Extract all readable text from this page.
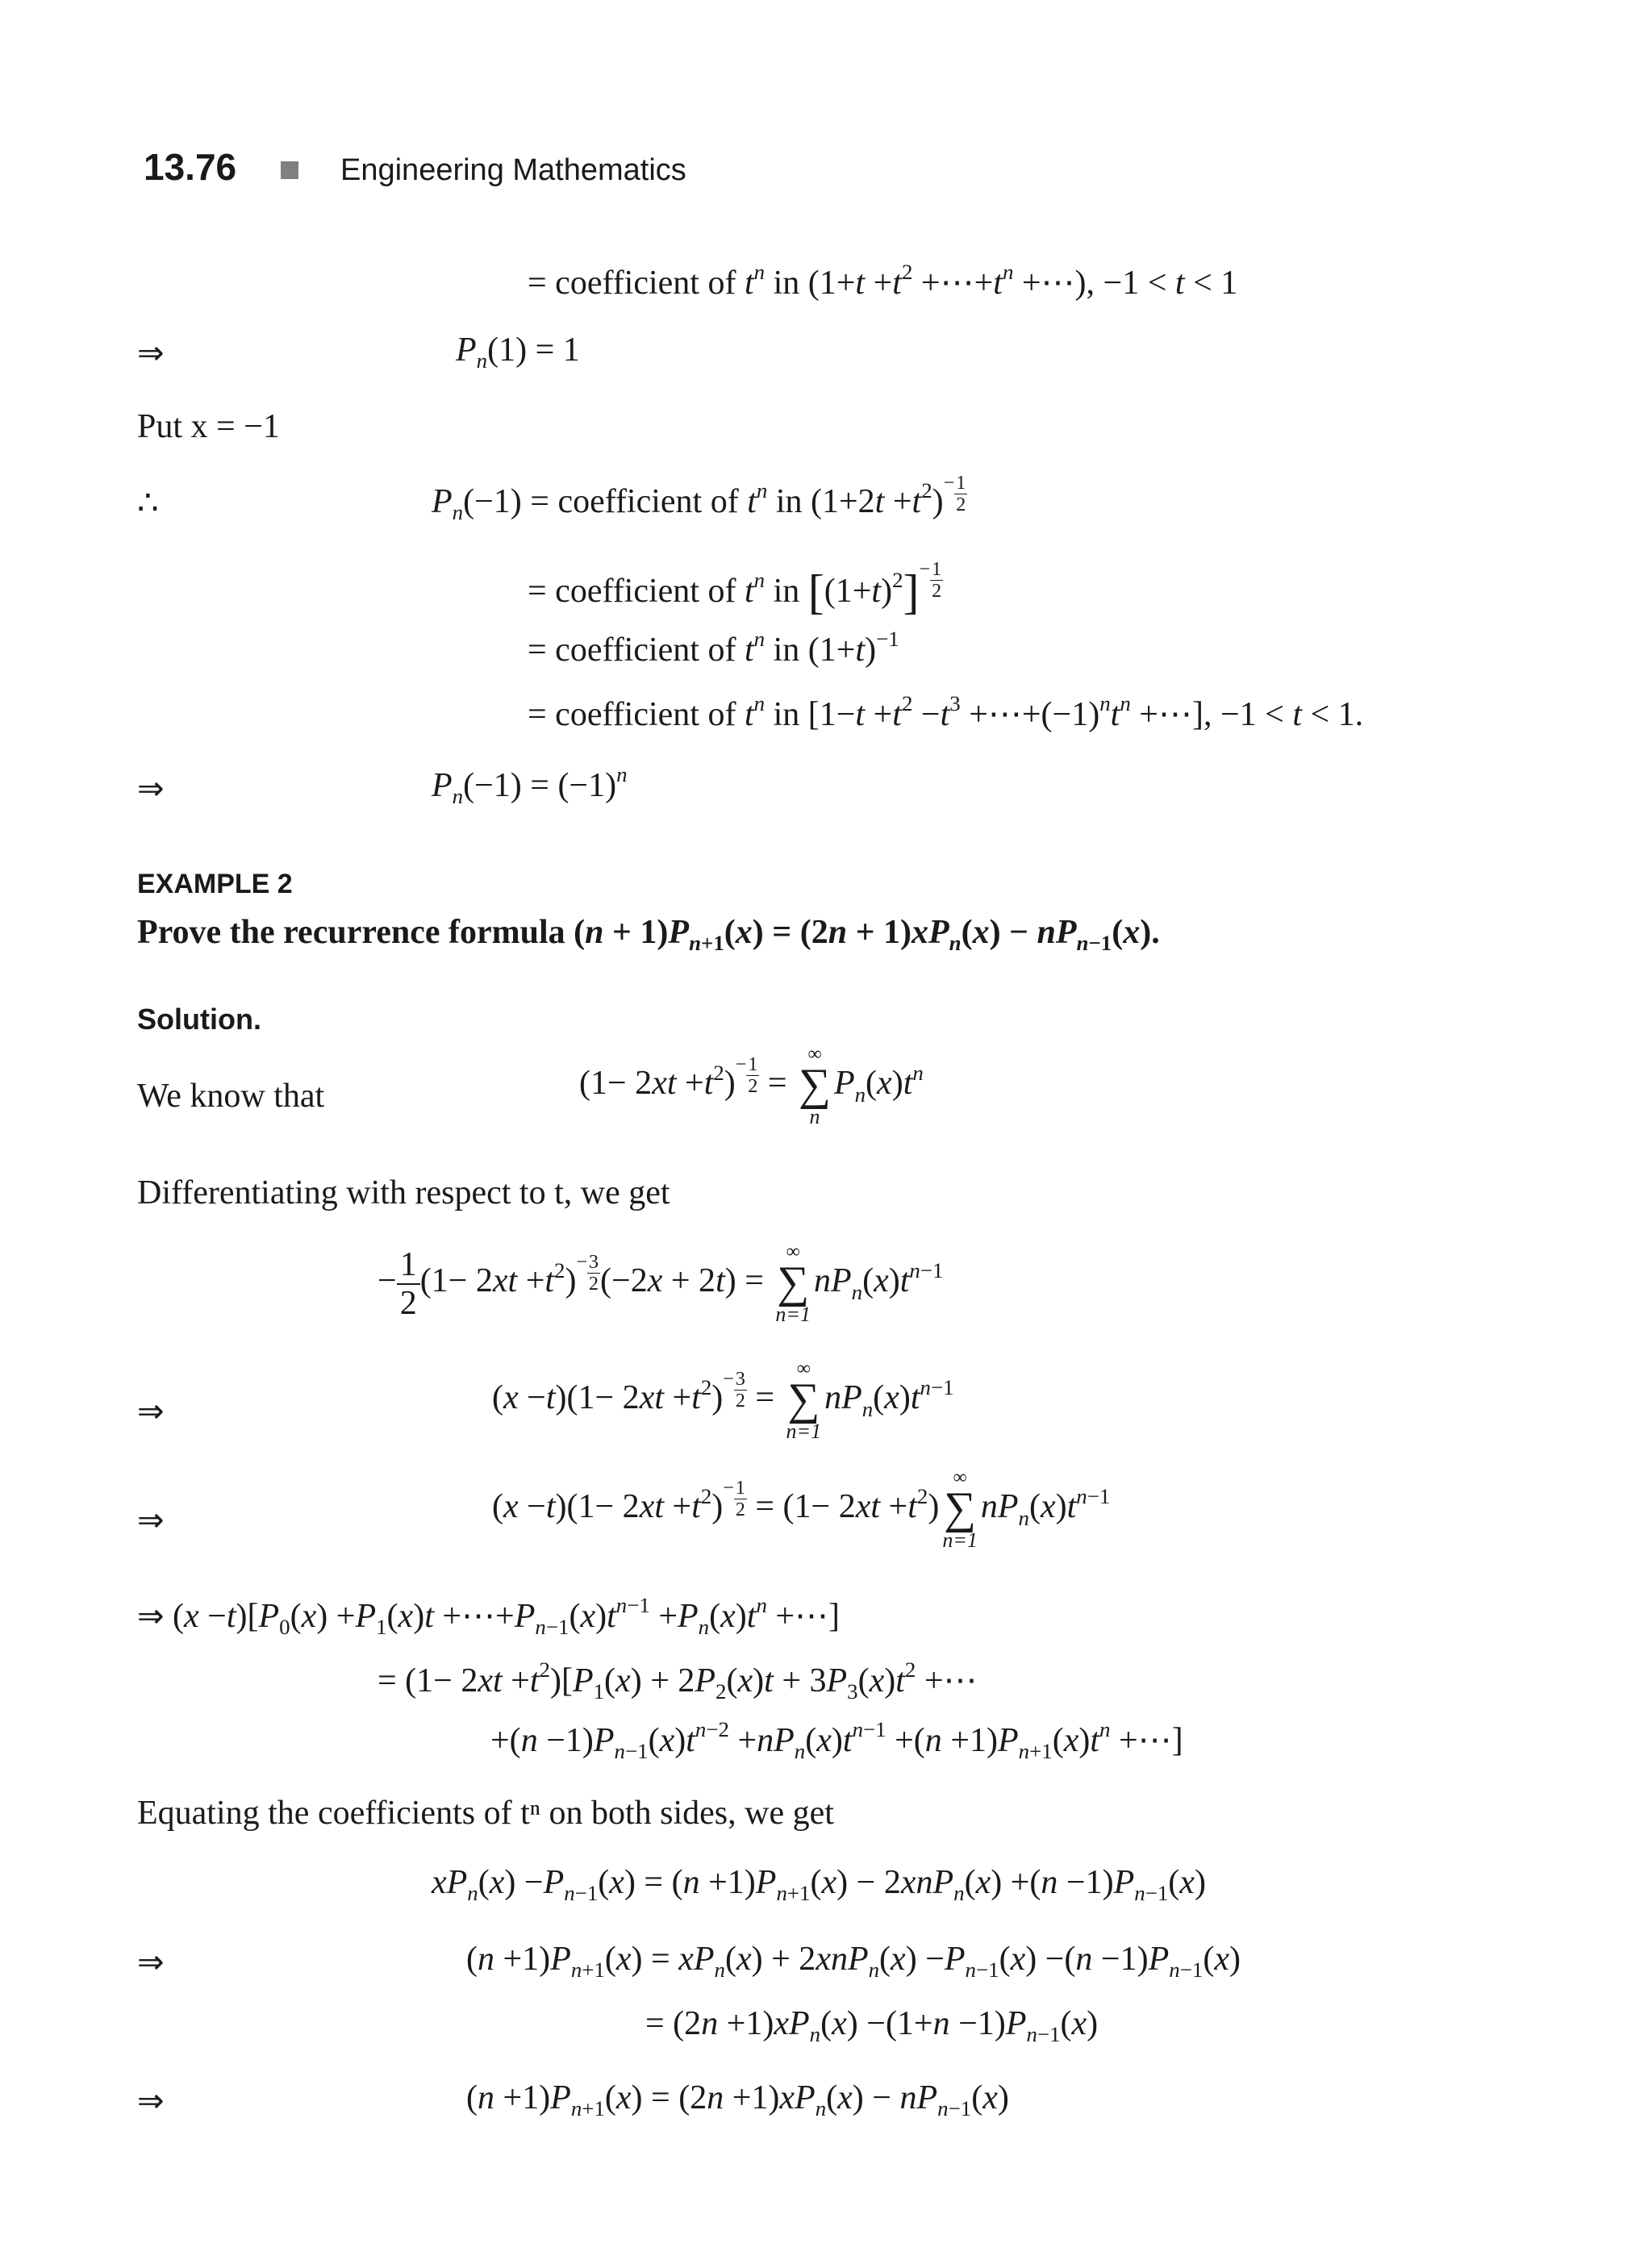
13.76	Engineering Mathematics
= coefficient of $t^n$ in ($1+t +t^2$ $+\cdots+t^n$ +⋯), −1 < t < 1
⇒	$P_n(1) = 1$
Put x = −1
∴	$P_n(-1)$ = coefficient of $t^n$ in $(1+2t +t^2) - \frac{1}{2}$
= coefficient of $t^n$ in $[(1+t)^2] - \frac{1}{2}$
= coefficient of $t^n$ in $(1+t)^{-1}$
= coefficient of $t^n$ in [$1-t +t^2 -t^3$ $+\cdots+(-1)^nt^n$ +⋯], −1 < t < 1.
⇒	$P_n(-1) = (-1)^n$
EXAMPLE 2
Prove the recurrence formula $(n + 1)P_{n+1}(x) = (2n + 1)xP_n(x) - nP_{n-1}(x)$.
Solution.
We know that	$(1- 2xt +t^2) - \frac{1}{2}$ =
∞
∑
n
$P_n(x)t^n$
Differentiating with respect to t, we get
− $\frac{1}{2} (1- 2xt +t^2) - \frac{3}{2} (-2x + 2t)$ =
∞
∑
n=1
$nP_n(x)t^{n-1}$
⇒	$(x -t)(1- 2xt +t^2) - \frac{3}{2}$ =
∞
∑
n=1
$nP_n(x)t^{n-1}$
⇒	$(x -t)(1- 2xt +t^2) - \frac{1}{2} = (1- 2xt +t^2)$
∞
∑
n=1
$nP_n(x)t^{n-1}$
⇒ $(x -t)[P_0(x) +P_1(x)t$ $+\cdots+P_{n-1}(x)t^{n-1} +P_n(x)t^n$ +⋯]
= $(1- 2xt +t^2)[P_1(x) + 2P_2(x)t + 3P_3(x)t^2$ +⋯
$+(n -1)P_{n-1}(x)t^{n-2} +nP_n(x)t^{n-1} +(n +1)P_{n+1}(x)t^n$ +⋯]
Equating the coefficients of tⁿ on both sides, we get
$xP_n(x) -P_{n-1}(x) = (n +1)P_{n+1}(x) - 2xnP_n(x) +(n -1)P_{n-1}(x)$
⇒	$(n +1)P_{n+1}(x) = xP_n(x) + 2xnP_n(x) -P_{n-1}(x) -(n -1)P_{n-1}(x)$
= $(2n +1)xP_n(x) -(1+n -1)P_{n-1}(x)$
⇒	$(n +1)P_{n+1}(x) = (2n +1)xP_n(x) - nP_{n-1}(x)$
